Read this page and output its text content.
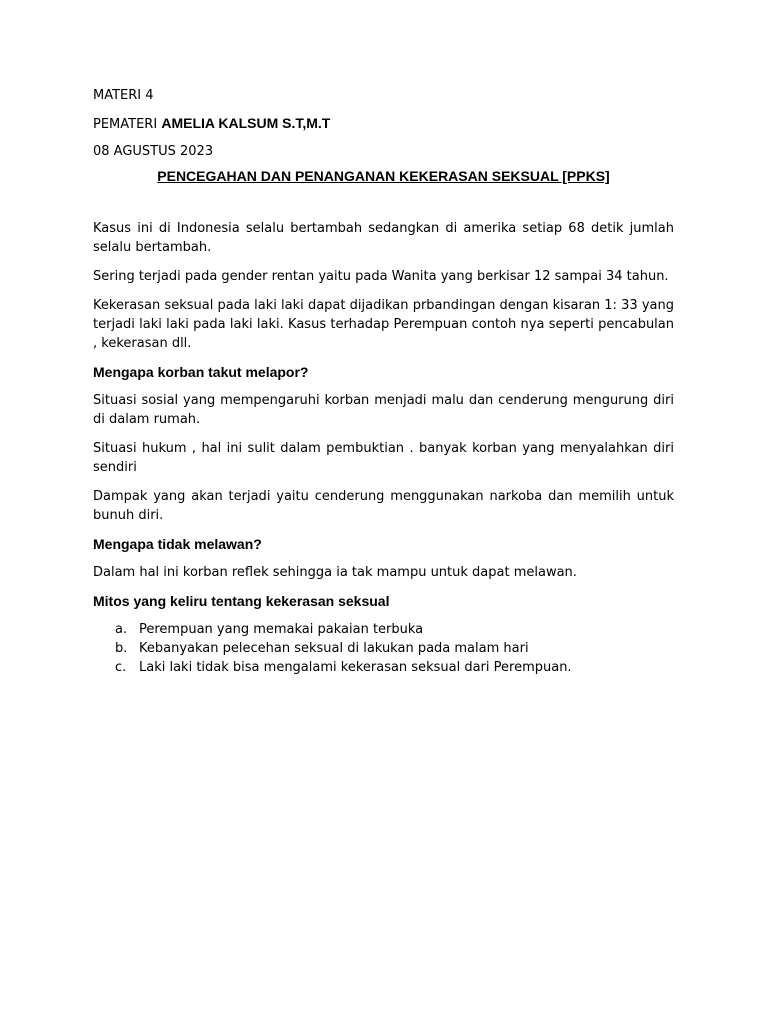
MATERI 4

PEMATERI AMELIA KALSUM S.T,M.T

08 AGUSTUS 2023

PENCEGAHAN DAN PENANGANAN KEKERASAN SEKSUAL [PPKS]

Kasus ini di Indonesia selalu bertambah sedangkan di amerika setiap 68 detik jumlah selalu bertambah.

Sering terjadi pada gender rentan yaitu pada Wanita yang berkisar 12 sampai 34 tahun.

Kekerasan seksual pada laki laki dapat dijadikan prbandingan dengan kisaran 1: 33 yang terjadi laki laki pada laki laki. Kasus terhadap Perempuan contoh nya seperti pencabulan , kekerasan dll.

Mengapa korban takut melapor?

Situasi sosial yang mempengaruhi korban menjadi malu dan cenderung mengurung diri di dalam rumah.

Situasi hukum , hal ini sulit dalam pembuktian . banyak korban yang menyalahkan diri sendiri

Dampak yang akan terjadi yaitu cenderung menggunakan narkoba dan memilih untuk bunuh diri.

Mengapa tidak melawan?

Dalam hal ini korban reflek sehingga ia tak mampu untuk dapat melawan.

Mitos yang keliru tentang kekerasan seksual

a. Perempuan yang memakai pakaian terbuka
b. Kebanyakan pelecehan seksual di lakukan pada malam hari
c. Laki laki tidak bisa mengalami kekerasan seksual dari Perempuan.
